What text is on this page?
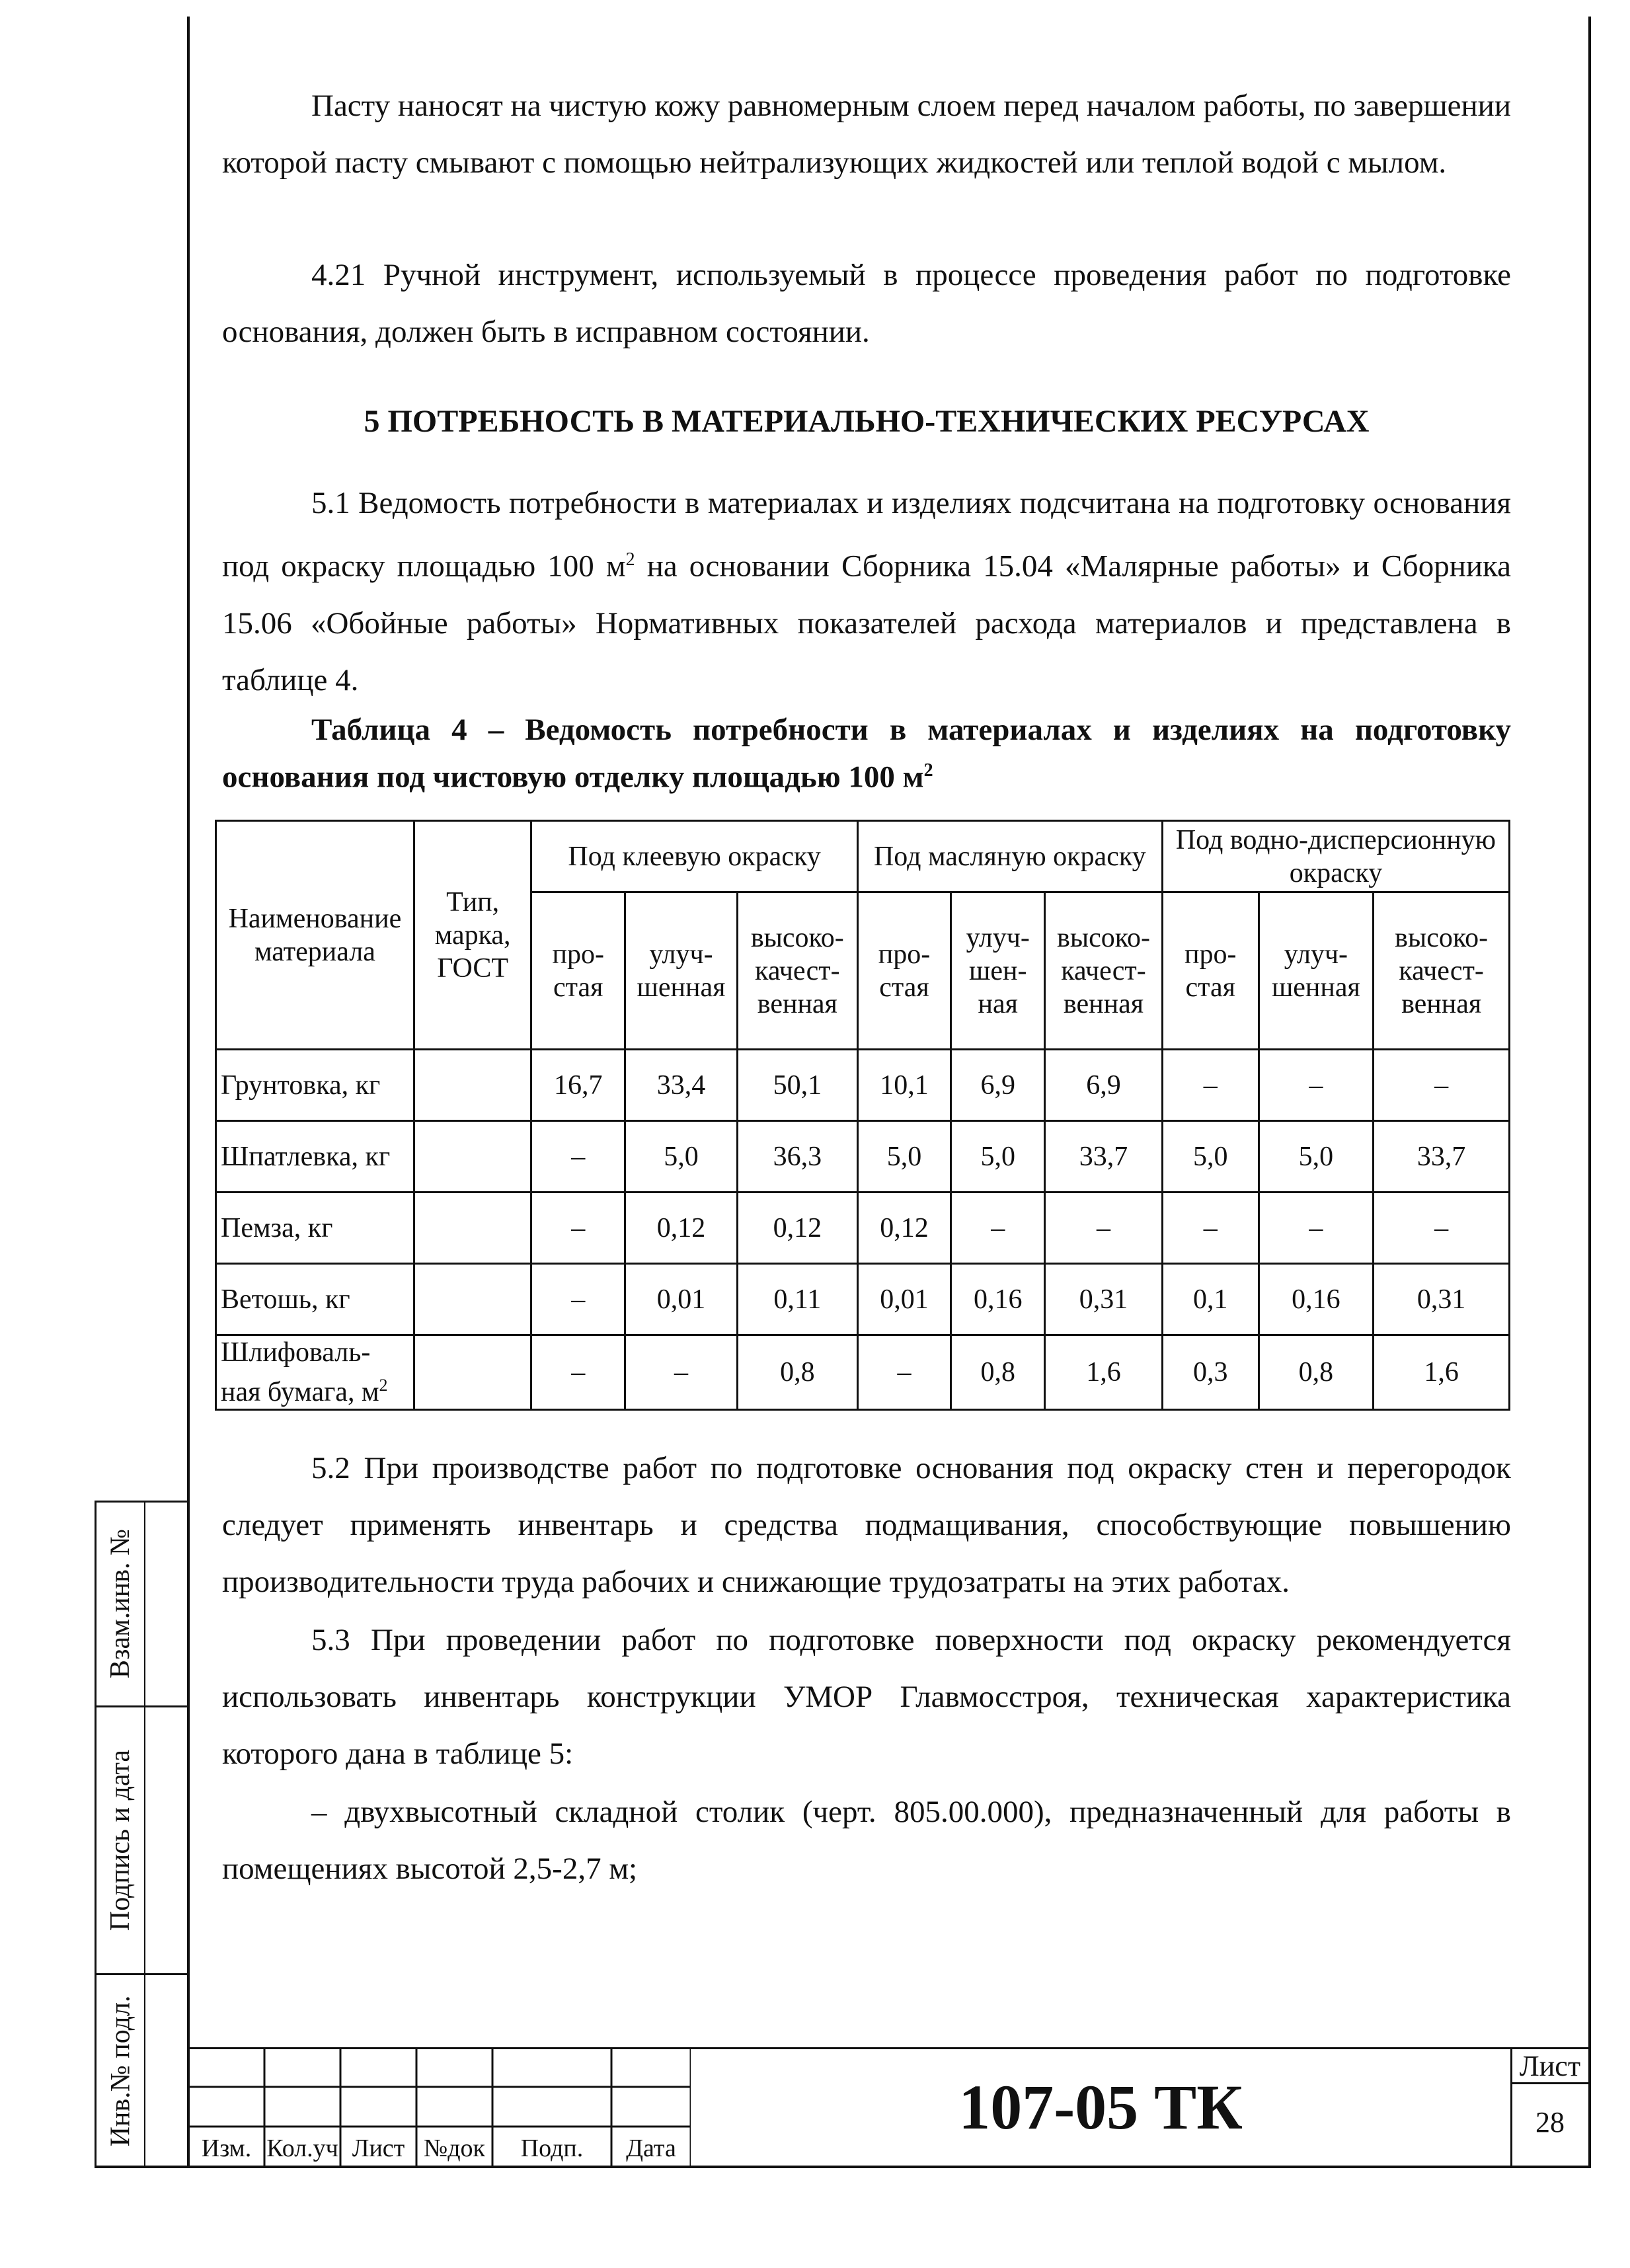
Пасту наносят на чистую кожу равномерным слоем перед началом работы, по завершении которой пасту смывают с помощью нейтрализующих жидкостей или теплой водой с мылом.

4.21 Ручной инструмент, используемый в процессе проведения работ по подготовке основания, должен быть в исправном состоянии.

5 ПОТРЕБНОСТЬ В МАТЕРИАЛЬНО-ТЕХНИЧЕСКИХ РЕСУРСАХ

5.1 Ведомость потребности в материалах и изделиях подсчитана на подготовку основания под окраску площадью 100 $м^2$ на основании Сборника 15.04 «Малярные работы» и Сборника 15.06 «Обойные работы» Нормативных показателей расхода материалов и представлена в таблице 4.

Таблица 4 – Ведомость потребности в материалах и изделиях на подготовку основания под чистовую отделку площадью 100 $м^2$

Наименование материала	Тип, марка, ГОСТ	Под клеевую окраску			Под масляную окраску			Под водно-дисперсионную окраску		
		про-стая	улуч-шенная	высоко-качест-венная	про-стая	улуч-шен-ная	высоко-качест-венная	про-стая	улуч-шенная	высоко-качест-венная
Грунтовка, кг		16,7	33,4	50,1	10,1	6,9	6,9	–	–	–
Шпатлевка, кг		–	5,0	36,3	5,0	5,0	33,7	5,0	5,0	33,7
Пемза, кг		–	0,12	0,12	0,12	–	–	–	–	–
Ветошь, кг		–	0,01	0,11	0,01	0,16	0,31	0,1	0,16	0,31
Шлифоваль-ная бумага, $м^2$		–	–	0,8	–	0,8	1,6	0,3	0,8	1,6

5.2 При производстве работ по подготовке основания под окраску стен и перегородок следует применять инвентарь и средства подмащивания, способствующие повышению производительности труда рабочих и снижающие трудозатраты на этих работах.

5.3 При проведении работ по подготовке поверхности под окраску рекомендуется использовать инвентарь конструкции УМОР Главмосстроя, техническая характеристика которого дана в таблице 5:

– двухвысотный складной столик (черт. 805.00.000), предназначенный для работы в помещениях высотой 2,5-2,7 м;

Взам.инв. №
Подпись и дата
Инв.№ подл.
Изм. Кол.уч Лист №док	Подп.	Дата
107-05 ТК
Лист
28
